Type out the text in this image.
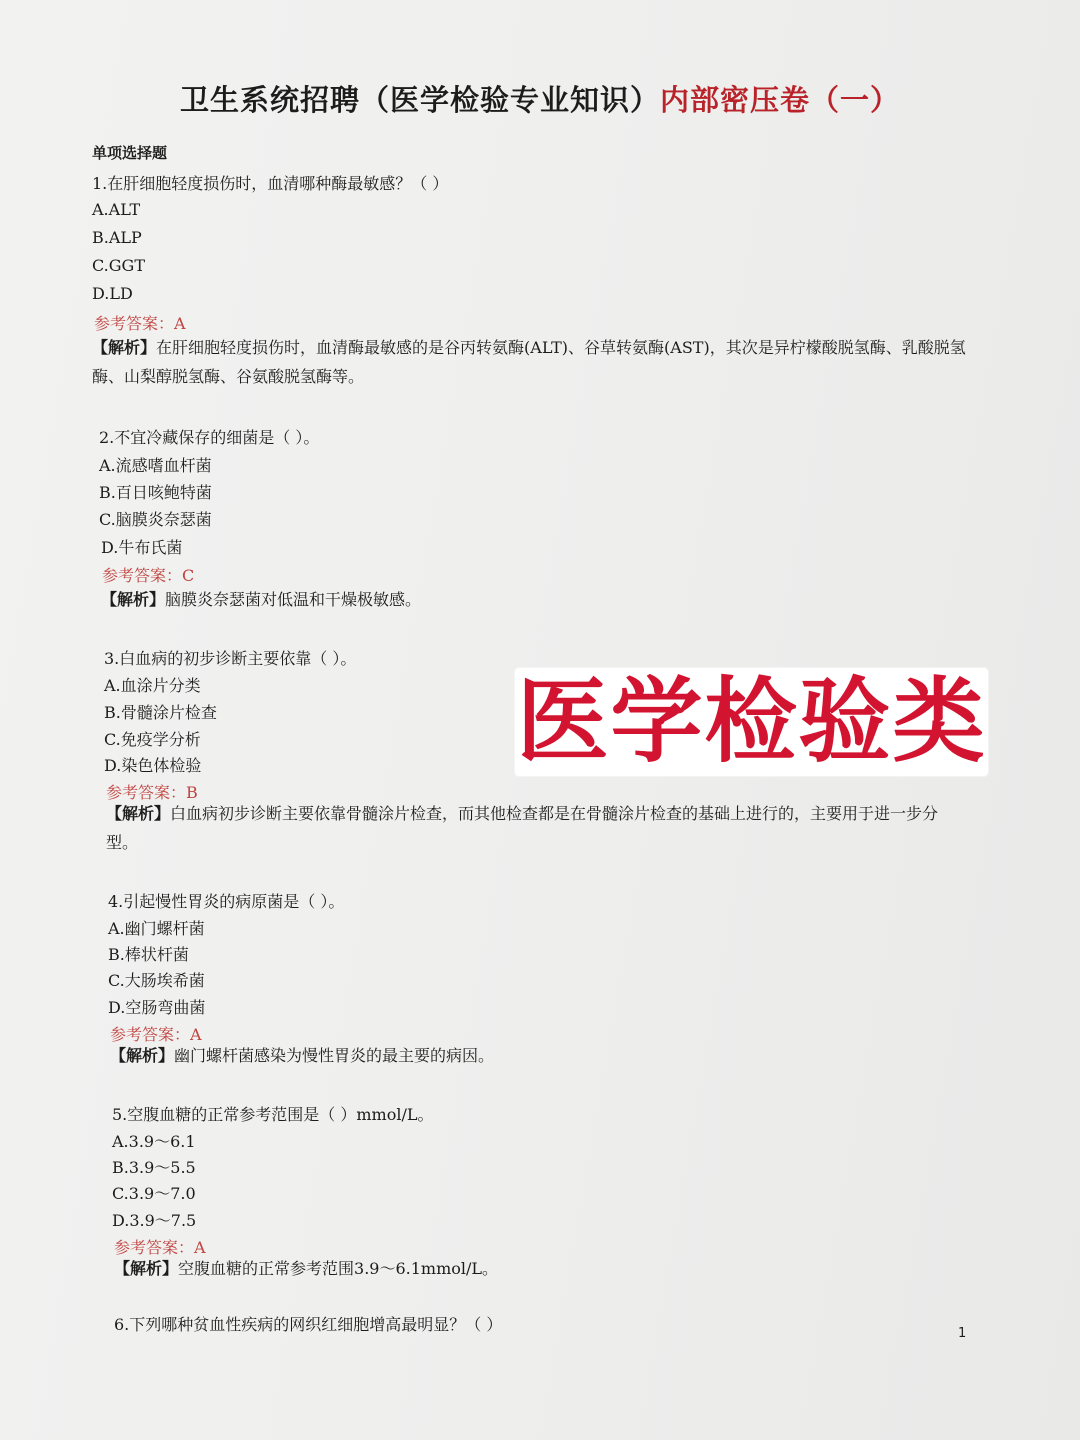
卫生系统招聘（医学检验专业知识）内部密压卷（一）
单项选择题
1.在肝细胞轻度损伤时，血清哪种酶最敏感？（ ）
A.ALT
B.ALP
C.GGT
D.LD
参考答案：A
【解析】在肝细胞轻度损伤时，血清酶最敏感的是谷丙转氨酶(ALT)、谷草转氨酶(AST)，其次是异柠檬酸脱氢酶、乳酸脱氢酶、山梨醇脱氢酶、谷氨酸脱氢酶等。
2.不宜冷藏保存的细菌是（ ）。
A.流感嗜血杆菌
B.百日咳鲍特菌
C.脑膜炎奈瑟菌
D.牛布氏菌
参考答案：C
【解析】脑膜炎奈瑟菌对低温和干燥极敏感。
3.白血病的初步诊断主要依靠（ ）。
A.血涂片分类
B.骨髓涂片检查
C.免疫学分析
D.染色体检验
参考答案：B
【解析】白血病初步诊断主要依靠骨髓涂片检查，而其他检查都是在骨髓涂片检查的基础上进行的，主要用于进一步分型。
4.引起慢性胃炎的病原菌是（ ）。
A.幽门螺杆菌
B.棒状杆菌
C.大肠埃希菌
D.空肠弯曲菌
参考答案：A
【解析】幽门螺杆菌感染为慢性胃炎的最主要的病因。
5.空腹血糖的正常参考范围是（ ）mmol/L。
A.3.9～6.1
B.3.9～5.5
C.3.9～7.0
D.3.9～7.5
参考答案：A
【解析】空腹血糖的正常参考范围3.9～6.1mmol/L。
6.下列哪种贫血性疾病的网织红细胞增高最明显？（ ）	1
医学检验类
